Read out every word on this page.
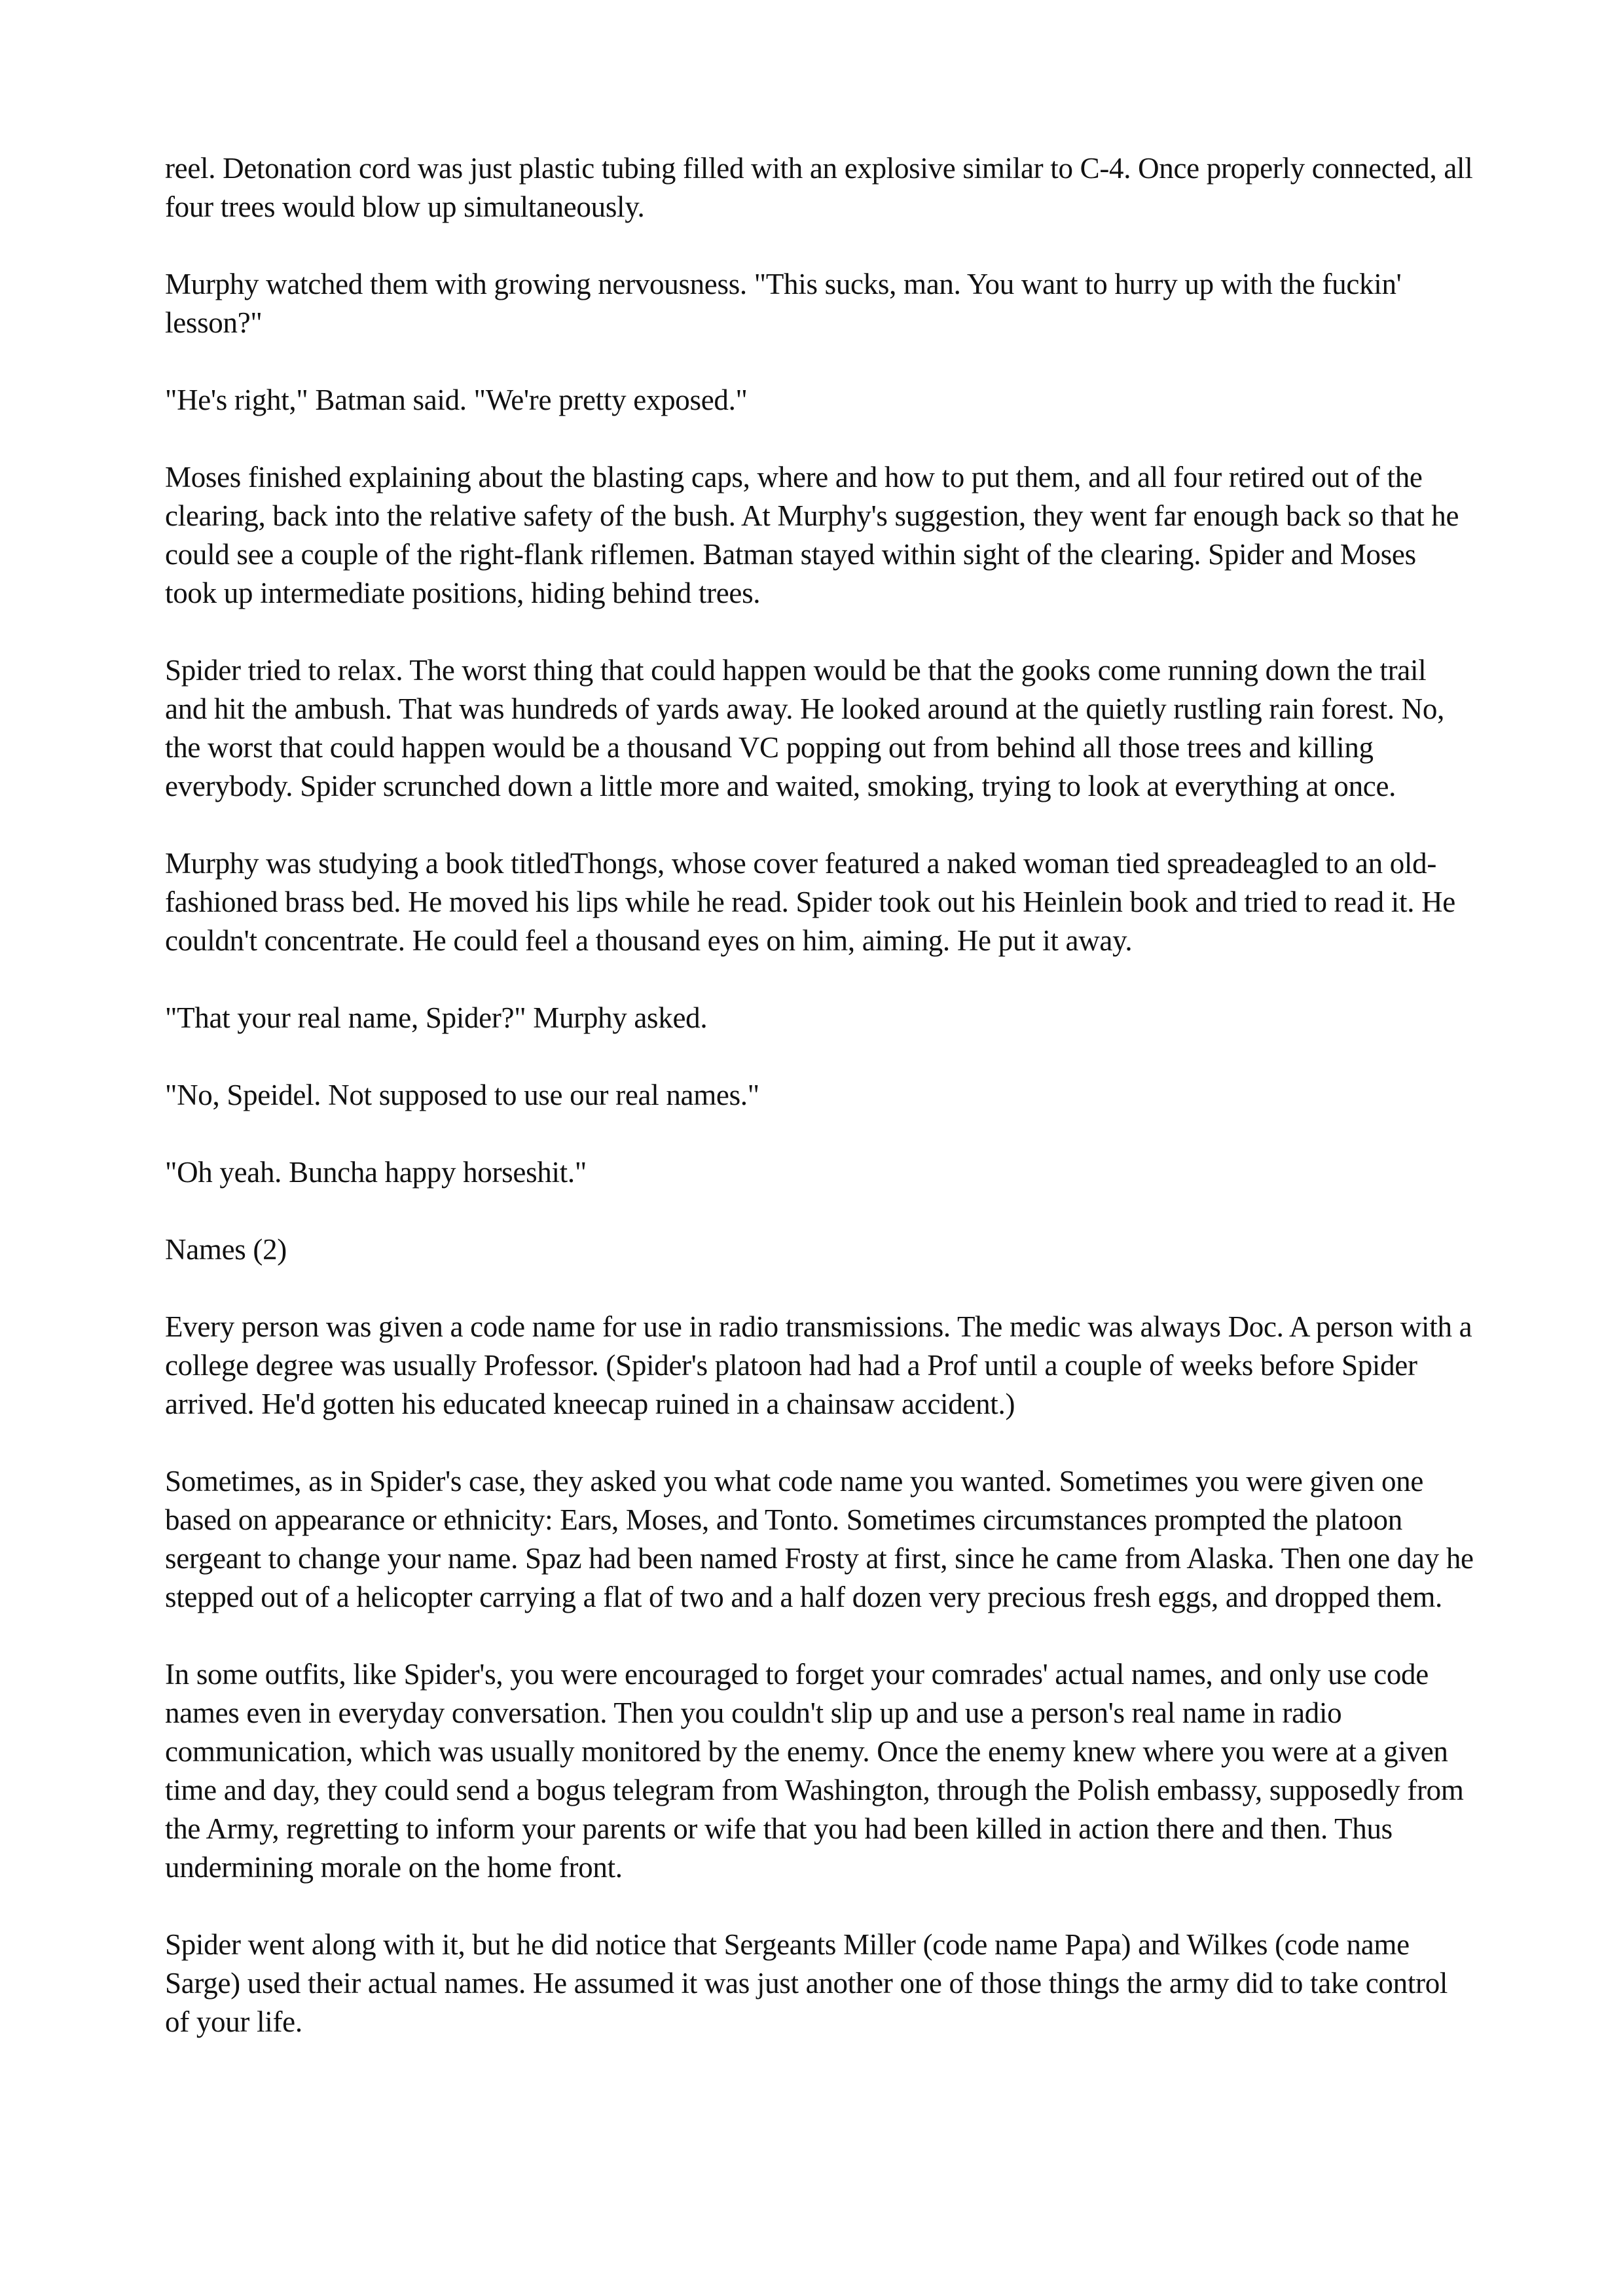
reel. Detonation cord was just plastic tubing filled with an explosive similar to C-4. Once properly connected, all four trees would blow up simultaneously.

Murphy watched them with growing nervousness. "This sucks, man. You want to hurry up with the fuckin' lesson?"

"He's right," Batman said. "We're pretty exposed."

Moses finished explaining about the blasting caps, where and how to put them, and all four retired out of the clearing, back into the relative safety of the bush. At Murphy's suggestion, they went far enough back so that he could see a couple of the right-flank riflemen. Batman stayed within sight of the clearing. Spider and Moses took up intermediate positions, hiding behind trees.

Spider tried to relax. The worst thing that could happen would be that the gooks come running down the trail and hit the ambush. That was hundreds of yards away. He looked around at the quietly rustling rain forest. No, the worst that could happen would be a thousand VC popping out from behind all those trees and killing everybody. Spider scrunched down a little more and waited, smoking, trying to look at everything at once.

Murphy was studying a book titledThongs, whose cover featured a naked woman tied spreadeagled to an old-fashioned brass bed. He moved his lips while he read. Spider took out his Heinlein book and tried to read it. He couldn't concentrate. He could feel a thousand eyes on him, aiming. He put it away.

"That your real name, Spider?" Murphy asked.

"No, Speidel. Not supposed to use our real names."

"Oh yeah. Buncha happy horseshit."

Names (2)

Every person was given a code name for use in radio transmissions. The medic was always Doc. A person with a college degree was usually Professor. (Spider's platoon had had a Prof until a couple of weeks before Spider arrived. He'd gotten his educated kneecap ruined in a chainsaw accident.)

Sometimes, as in Spider's case, they asked you what code name you wanted. Sometimes you were given one based on appearance or ethnicity: Ears, Moses, and Tonto. Sometimes circumstances prompted the platoon sergeant to change your name. Spaz had been named Frosty at first, since he came from Alaska. Then one day he stepped out of a helicopter carrying a flat of two and a half dozen very precious fresh eggs, and dropped them.

In some outfits, like Spider's, you were encouraged to forget your comrades' actual names, and only use code names even in everyday conversation. Then you couldn't slip up and use a person's real name in radio communication, which was usually monitored by the enemy. Once the enemy knew where you were at a given time and day, they could send a bogus telegram from Washington, through the Polish embassy, supposedly from the Army, regretting to inform your parents or wife that you had been killed in action there and then. Thus undermining morale on the home front.

Spider went along with it, but he did notice that Sergeants Miller (code name Papa) and Wilkes (code name Sarge) used their actual names. He assumed it was just another one of those things the army did to take control of your life.
